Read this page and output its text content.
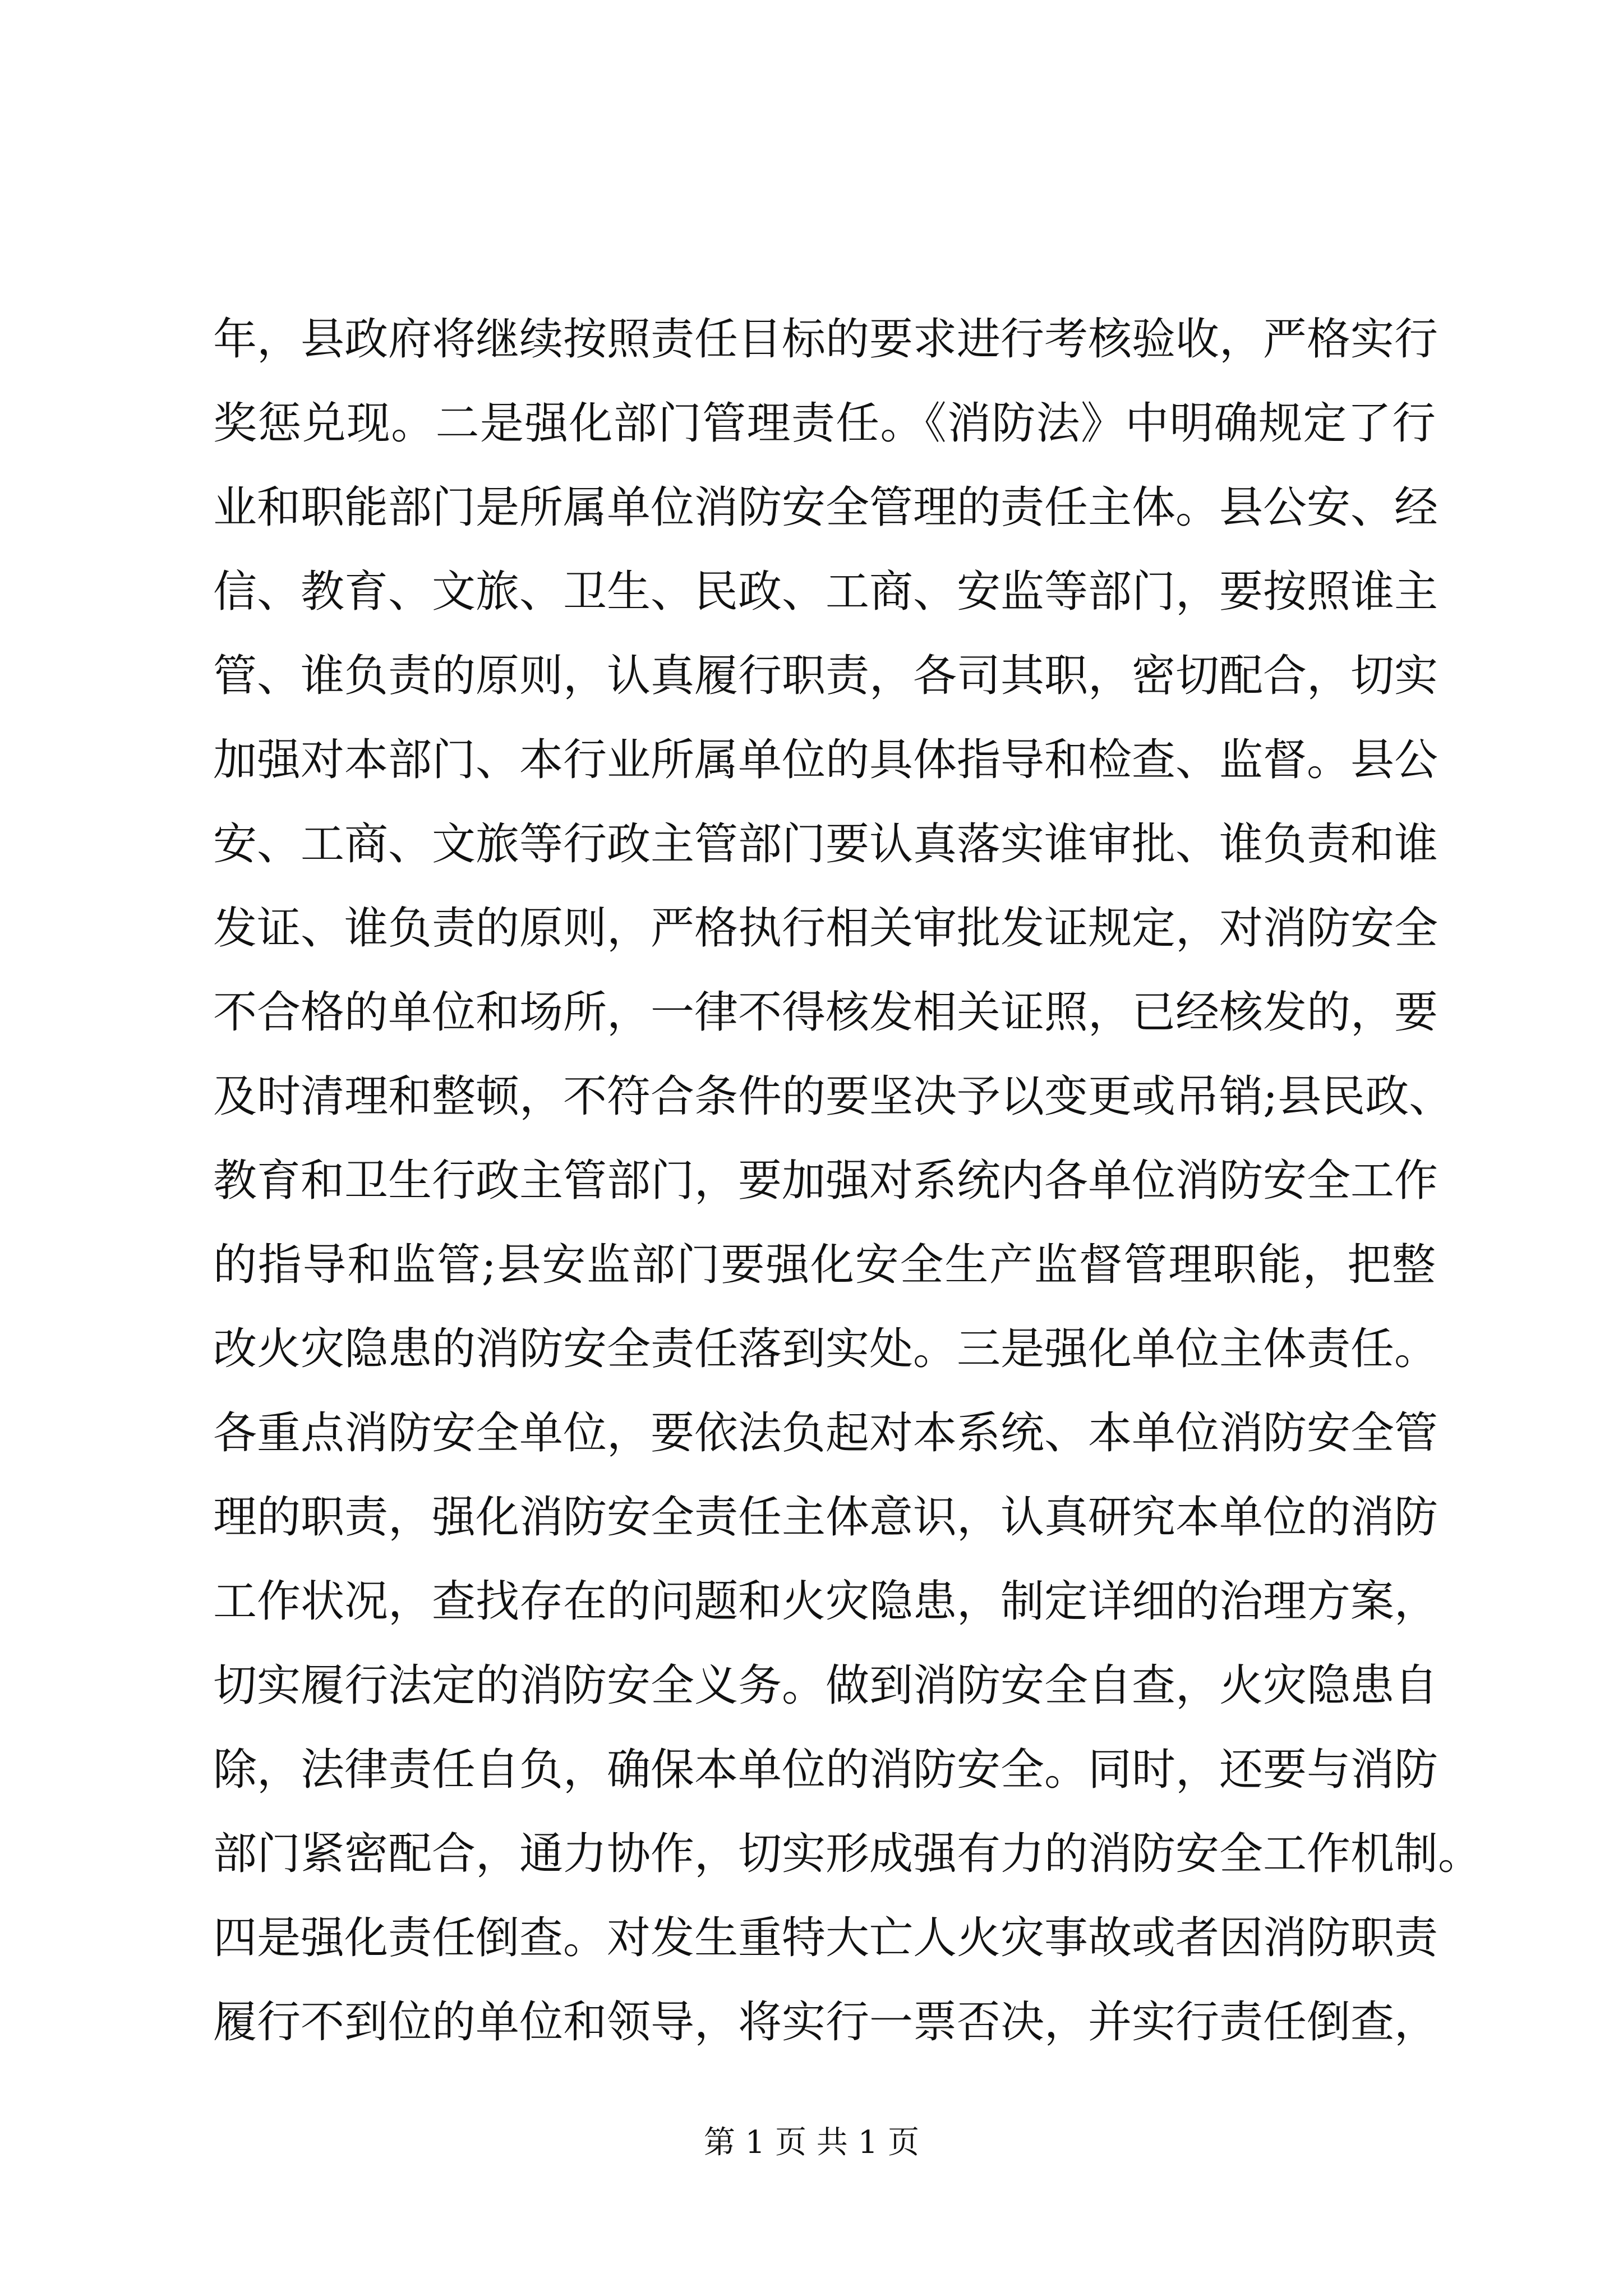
年，县政府将继续按照责任目标的要求进行考核验收，严格实行
奖惩兑现。二是强化部门管理责任。《消防法》中明确规定了行
业和职能部门是所属单位消防安全管理的责任主体。县公安、经
信、教育、文旅、卫生、民政、工商、安监等部门，要按照谁主
管、谁负责的原则，认真履行职责，各司其职，密切配合，切实
加强对本部门、本行业所属单位的具体指导和检查、监督。县公
安、工商、文旅等行政主管部门要认真落实谁审批、谁负责和谁
发证、谁负责的原则，严格执行相关审批发证规定，对消防安全
不合格的单位和场所，一律不得核发相关证照，已经核发的，要
及时清理和整顿，不符合条件的要坚决予以变更或吊销;县民政、
教育和卫生行政主管部门，要加强对系统内各单位消防安全工作
的指导和监管;县安监部门要强化安全生产监督管理职能，把整
改火灾隐患的消防安全责任落到实处。三是强化单位主体责任。
各重点消防安全单位，要依法负起对本系统、本单位消防安全管
理的职责，强化消防安全责任主体意识，认真研究本单位的消防
工作状况，查找存在的问题和火灾隐患，制定详细的治理方案，
切实履行法定的消防安全义务。做到消防安全自查，火灾隐患自
除，法律责任自负，确保本单位的消防安全。同时，还要与消防
部门紧密配合，通力协作，切实形成强有力的消防安全工作机制。
四是强化责任倒查。对发生重特大亡人火灾事故或者因消防职责
履行不到位的单位和领导，将实行一票否决，并实行责任倒查，
第 1 页 共 1 页
